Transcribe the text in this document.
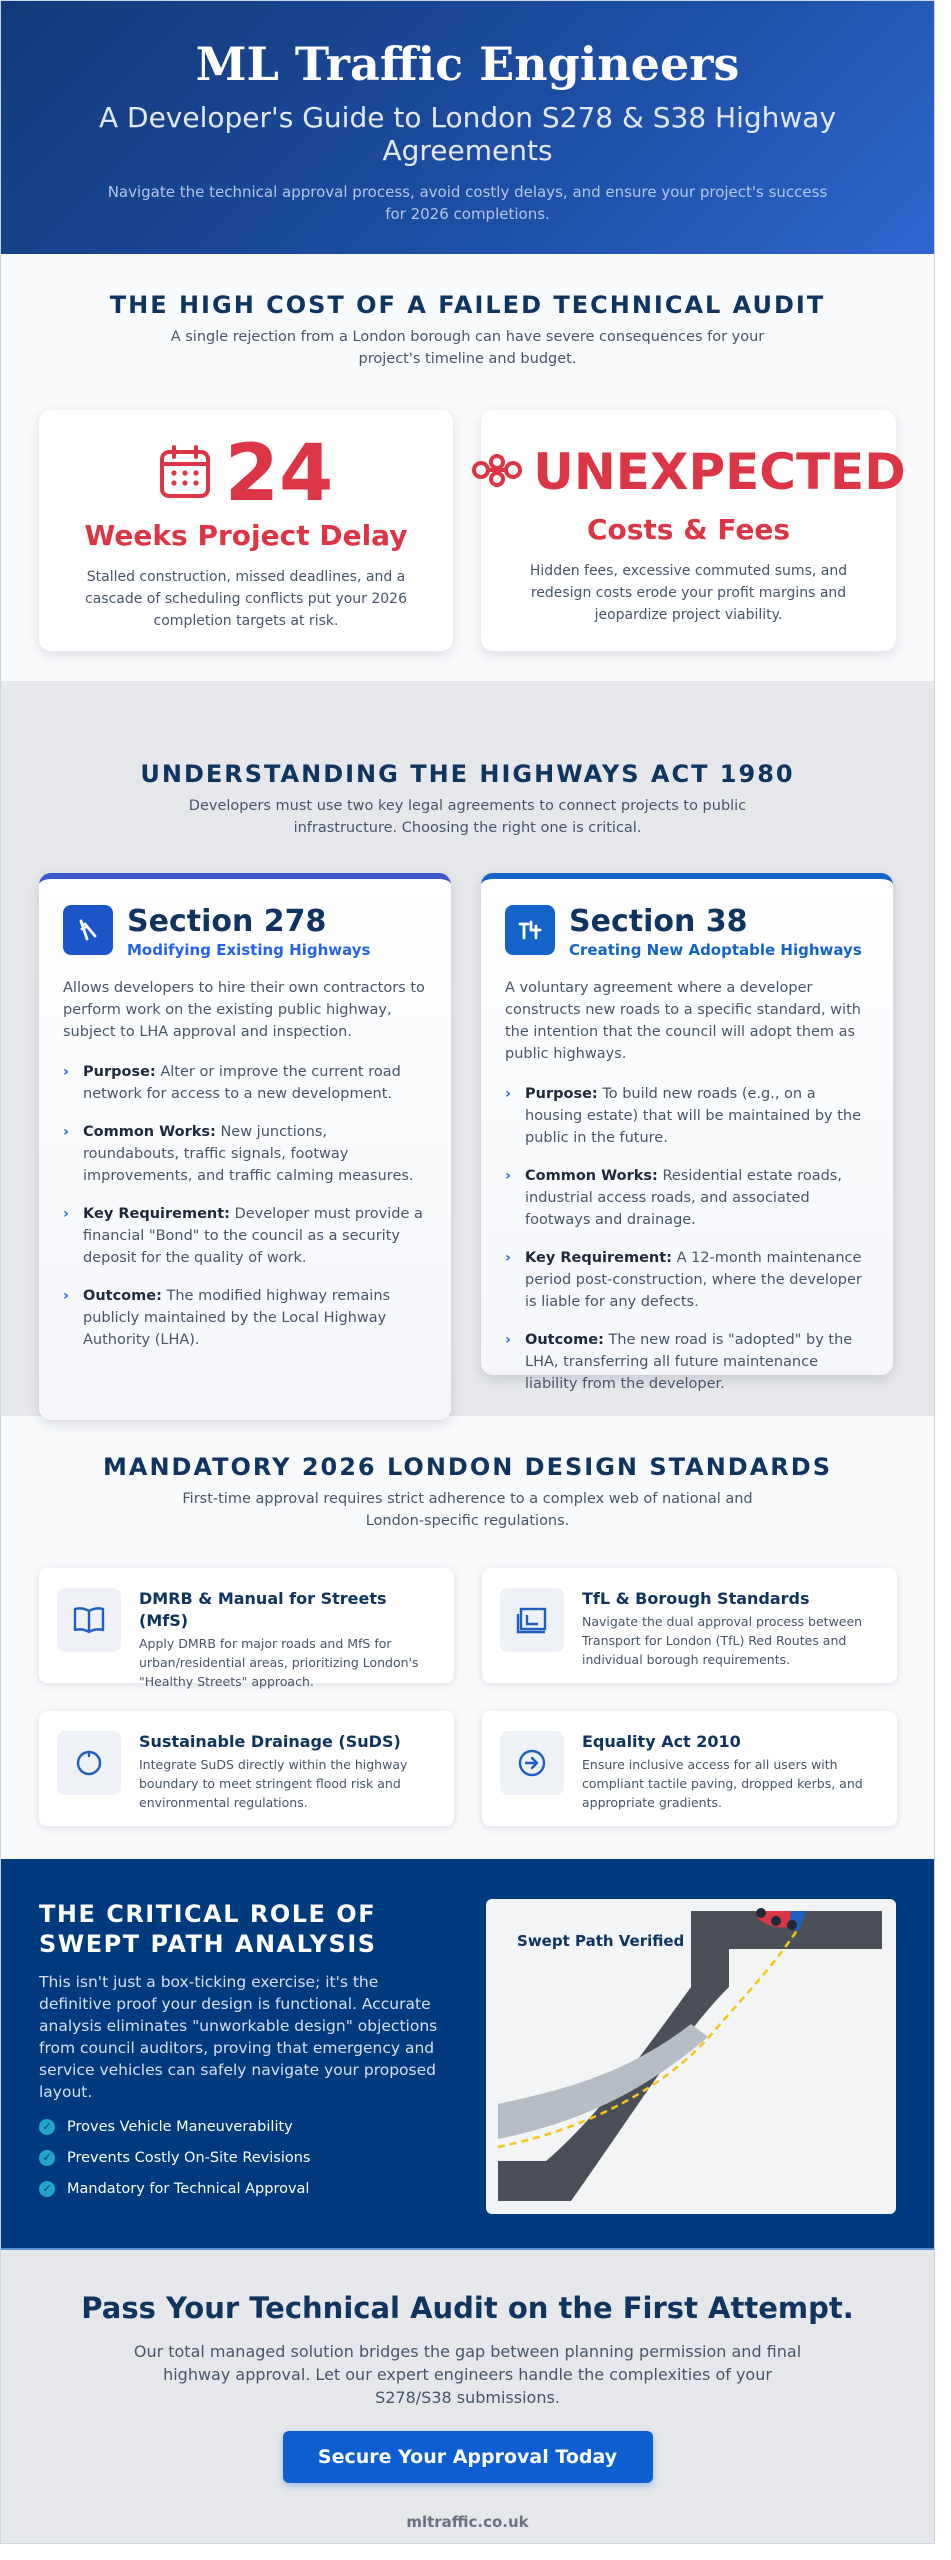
ML Traffic Engineers
A Developer's Guide to London S278 & S38 Highway Agreements

Navigate the technical approval process, avoid costly delays, and ensure your project's success for 2026 completions.

THE HIGH COST OF A FAILED TECHNICAL AUDIT
A single rejection from a London borough can have severe consequences for your project's timeline and budget.
24
Weeks Project Delay
Stalled construction, missed deadlines, and a cascade of scheduling conflicts put your 2026 completion targets at risk.
UNEXPECTED
Costs & Fees
Hidden fees, excessive commuted sums, and redesign costs erode your profit margins and jeopardize project viability.
UNDERSTANDING THE HIGHWAYS ACT 1980
Developers must use two key legal agreements to connect projects to public infrastructure. Choosing the right one is critical.
Section 278
Modifying Existing Highways
Allows developers to hire their own contractors to perform work on the existing public highway, subject to LHA approval and inspection.
› Purpose: Alter or improve the current road network for access to a new development.
› Common Works: New junctions, roundabouts, traffic signals, footway improvements, and traffic calming measures.
› Key Requirement: Developer must provide a financial "Bond" to the council as a security deposit for the quality of work.
› Outcome: The modified highway remains publicly maintained by the Local Highway Authority (LHA).
Section 38
Creating New Adoptable Highways
A voluntary agreement where a developer constructs new roads to a specific standard, with the intention that the council will adopt them as public highways.
› Purpose: To build new roads (e.g., on a housing estate) that will be maintained by the public in the future.
› Common Works: Residential estate roads, industrial access roads, and associated footways and drainage.
› Key Requirement: A 12-month maintenance period post-construction, where the developer is liable for any defects.
› Outcome: The new road is "adopted" by the LHA, transferring all future maintenance liability from the developer.
MANDATORY 2026 LONDON DESIGN STANDARDS
First-time approval requires strict adherence to a complex web of national and London-specific regulations.
DMRB & Manual for Streets (MfS)
Apply DMRB for major roads and MfS for urban/residential areas, prioritizing London's "Healthy Streets" approach.
TfL & Borough Standards
Navigate the dual approval process between Transport for London (TfL) Red Routes and individual borough requirements.
Sustainable Drainage (SuDS)
Integrate SuDS directly within the highway boundary to meet stringent flood risk and environmental regulations.
Equality Act 2010
Ensure inclusive access for all users with compliant tactile paving, dropped kerbs, and appropriate gradients.
THE CRITICAL ROLE OF SWEPT PATH ANALYSIS
This isn't just a box-ticking exercise; it's the definitive proof your design is functional. Accurate analysis eliminates "unworkable design" objections from council auditors, proving that emergency and service vehicles can safely navigate your proposed layout.
✓ Proves Vehicle Maneuverability
✓ Prevents Costly On-Site Revisions
✓ Mandatory for Technical Approval
Swept Path Verified
Pass Your Technical Audit on the First Attempt.

Our total managed solution bridges the gap between planning permission and final highway approval. Let our expert engineers handle the complexities of your S278/S38 submissions.

Secure Your Approval Today
mltraffic.co.uk
